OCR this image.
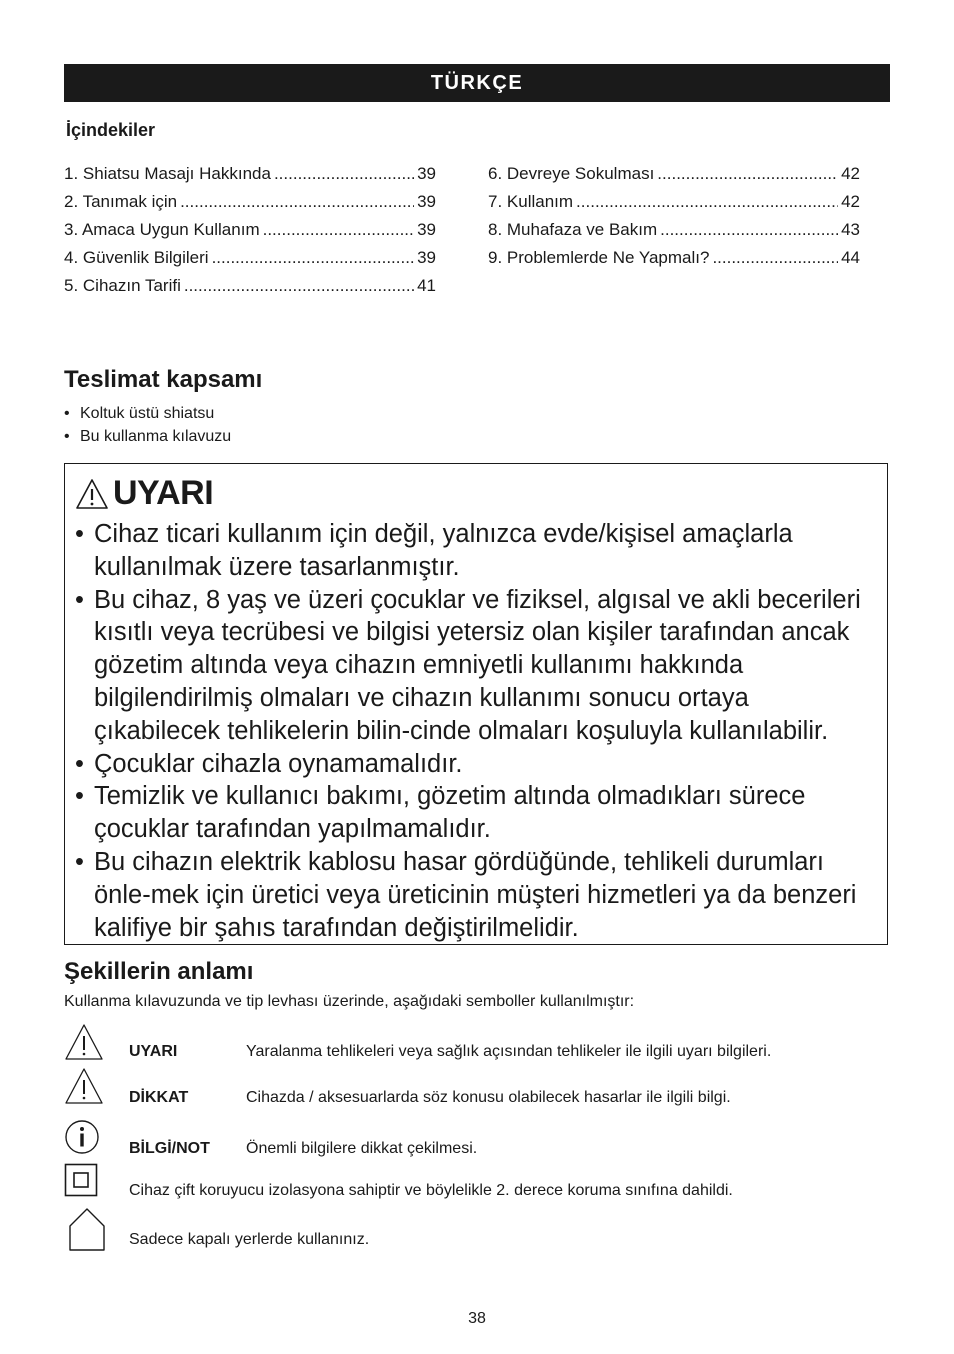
TÜRKÇE
İçindekiler
1. Shiatsu Masajı Hakkında .....	39
2. Tanımak için .....	39
3. Amaca Uygun Kullanım .....	39
4. Güvenlik Bilgileri .....	39
5. Cihazın Tarifi .....	41
6. Devreye Sokulması .....	42
7. Kullanım .....	42
8. Muhafaza ve Bakım .....	43
9. Problemlerde Ne Yapmalı? .....	44
Teslimat kapsamı
• Koltuk üstü shiatsu
• Bu kullanma kılavuzu
UYARI
• Cihaz ticari kullanım için değil, yalnızca evde/kişisel amaçlarla kullanılmak üzere tasarlanmıştır.
• Bu cihaz, 8 yaş ve üzeri çocuklar ve fiziksel, algısal ve akli becerileri kısıtlı veya tecrübesi ve bilgisi yetersiz olan kişiler tarafından ancak gözetim altında veya cihazın emniyetli kullanımı hakkında bilgilendirilmiş olmaları ve cihazın kullanımı sonucu ortaya çıkabilecek tehlikelerin bilin-cinde olmaları koşuluyla kullanılabilir.
• Çocuklar cihazla oynamamalıdır.
• Temizlik ve kullanıcı bakımı, gözetim altında olmadıkları sürece çocuklar tarafından yapılmamalıdır.
• Bu cihazın elektrik kablosu hasar gördüğünde, tehlikeli durumları önle-mek için üretici veya üreticinin müşteri hizmetleri ya da benzeri kalifiye bir şahıs tarafından değiştirilmelidir.
Şekillerin anlamı
Kullanma kılavuzunda ve tip levhası üzerinde, aşağıdaki semboller kullanılmıştır:
UYARI	Yaralanma tehlikeleri veya sağlık açısından tehlikeler ile ilgili uyarı bilgileri.
DİKKAT	Cihazda / aksesuarlarda söz konusu olabilecek hasarlar ile ilgili bilgi.
BİLGİ/NOT Önemli bilgilere dikkat çekilmesi.
Cihaz çift koruyucu izolasyona sahiptir ve böylelikle 2. derece koruma sınıfına dahildi.
Sadece kapalı yerlerde kullanınız.
38
